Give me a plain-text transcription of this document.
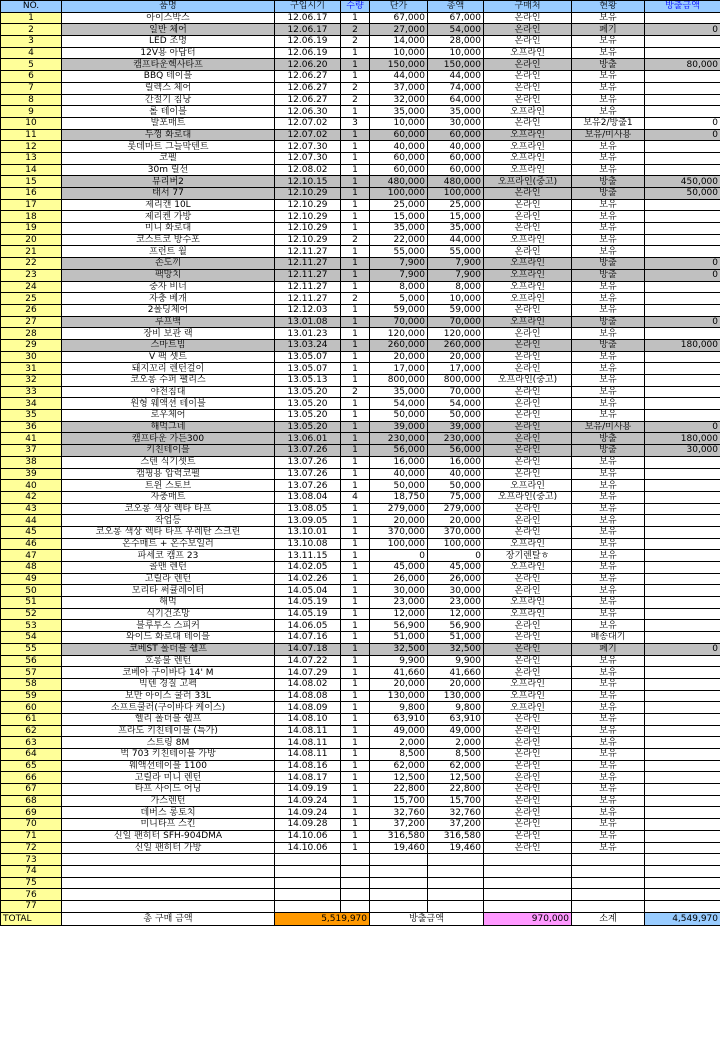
NO.	품명	구입시기	수량	단가	총액	구매처	현황	방출금액
1	아이스박스	12.06.17	1	67,000	67,000	온라인	보유	
2	일반 체어	12.06.17	2	27,000	54,000	온라인	폐기	0
3	LED 조명	12.06.19	2	14,000	28,000	온라인	보유	
4	12V용 아답터	12.06.19	1	10,000	10,000	오프라인	보유	
5	캠프타운헥사타프	12.06.20	1	150,000	150,000	온라인	방출	80,000
6	BBQ 테이블	12.06.27	1	44,000	44,000	온라인	보유	
7	릴렉스 체어	12.06.27	2	37,000	74,000	온라인	보유	
8	간절기 침낭	12.06.27	2	32,000	64,000	온라인	보유	
9	롤 테이블	12.06.30	1	35,000	35,000	오프라인	보유	
10	발포매트	12.07.02	3	10,000	30,000	온라인	보유2/방출1	0
11	두껑 화로대	12.07.02	1	60,000	60,000	오프라인	보유/미사용	0
12	롯데마트 그늘막텐트	12.07.30	1	40,000	40,000	오프라인	보유	
13	코펠	12.07.30	1	60,000	60,000	오프라인	보유	
14	30m 릴선	12.08.02	1	60,000	60,000	오프라인	보유	
15	뮤리버2	12.10.15	1	480,000	480,000	오프라인(중고)	방출	450,000
16	태서 77	12.10.29	1	100,000	100,000	온라인	방출	50,000
17	제리캔 10L	12.10.29	1	25,000	25,000	온라인	보유	
18	제리켄 가방	12.10.29	1	15,000	15,000	온라인	보유	
19	미니 화로대	12.10.29	1	35,000	35,000	온라인	보유	
20	코스트코 방수포	12.10.29	2	22,000	44,000	오프라인	보유	
21	프런트 월	12.11.27	1	55,000	55,000	온라인	보유	
22	손도끼	12.11.27	1	7,900	7,900	오프라인	방출	0
23	팩망치	12.11.27	1	7,900	7,900	오프라인	방출	0
24	중자 비너	12.11.27	1	8,000	8,000	오프라인	보유	
25	자충 베개	12.11.27	2	5,000	10,000	오프라인	보유	
26	2폴딩체어	12.12.03	1	59,000	59,000	온라인	보유	
27	루프백	13.01.08	1	70,000	70,000	오프라인	방출	0
28	장비 보관 랙	13.01.23	1	120,000	120,000	온라인	보유	
29	스마트빔	13.03.24	1	260,000	260,000	온라인	방출	180,000
30	V 팩 셋트	13.05.07	1	20,000	20,000	온라인	보유	
31	돼지꼬리 렌턴걸이	13.05.07	1	17,000	17,000	온라인	보유	
32	코오롱 수퍼 팰리스	13.05.13	1	800,000	800,000	오프라인(중고)	보유	
33	야전침대	13.05.20	2	35,000	70,000	온라인	보유	
34	원형 웨액션 테이블	13.05.20	1	54,000	54,000	온라인	보유	
35	로우체어	13.05.20	1	50,000	50,000	온라인	보유	
36	해먹그네	13.05.20	1	39,000	39,000	온라인	보유/미사용	0
41	캠프타운 가든300	13.06.01	1	230,000	230,000	온라인	방출	180,000
37	키친테이블	13.07.26	1	56,000	56,000	온라인	방출	30,000
38	스텐 식기셋트	13.07.26	1	16,000	16,000	온라인	보유	
39	캠핑용 압력코펠	13.07.26	1	40,000	40,000	온라인	보유	
40	트윈 스토브	13.07.26	1	50,000	50,000	오프라인	보유	
42	자충매트	13.08.04	4	18,750	75,000	오프라인(중고)	보유	
43	코오롱 색상 렉타 타프	13.08.05	1	279,000	279,000	온라인	보유	
44	작업등	13.09.05	1	20,000	20,000	온라인	보유	
45	코오롱 색상 렉타 타프 우레탄 스크린	13.10.01	1	370,000	370,000	온라인	보유	
46	온수매트 + 온수보일러	13.10.08	1	100,000	100,000	오프라인	보유	
47	파세코 캠프 23	13.11.15	1	0	0	장기렌탈ㅎ	보유	
48	콜맨 렌턴	14.02.05	1	45,000	45,000	오프라인	보유	
49	고릴라 렌턴	14.02.26	1	26,000	26,000	온라인	보유	
50	모리타 써큘레이터	14.05.04	1	30,000	30,000	온라인	보유	
51	해먹	14.05.19	1	23,000	23,000	오프라인	보유	
52	식기건조망	14.05.19	1	12,000	12,000	오프라인	보유	
53	블루투스 스피커	14.06.05	1	56,900	56,900	온라인	보유	
54	와이드 화로대 테이블	14.07.16	1	51,000	51,000	온라인	배송대기	
55	코베ST 폴더블 쉘프	14.07.18	1	32,500	32,500	온라인	폐기	0
56	호롱불 렌턴	14.07.22	1	9,900	9,900	온라인	보유	
57	코베아 구이바다 14' M	14.07.29	1	41,660	41,660	온라인	보유	
58	빅텐 경질 고펙	14.08.02	1	20,000	20,000	오프라인	보유	
59	보만 아이스 쿨러 33L	14.08.08	1	130,000	130,000	오프라인	보유	
60	소프트쿨러(구이바다 케이스)	14.08.09	1	9,800	9,800	오프라인	보유	
61	헬리 폴더블 쉘프	14.08.10	1	63,910	63,910	온라인	보유	
62	프라도 키친테이블 (특가)	14.08.11	1	49,000	49,000	온라인	보유	
63	스트링 8M	14.08.11	1	2,000	2,000	온라인	보유	
64	벅 703 키친테이블 가방	14.08.11	1	8,500	8,500	온라인	보유	
65	웨액션테이블 1100	14.08.16	1	62,000	62,000	온라인	보유	
66	고릴라 미니 렌턴	14.08.17	1	12,500	12,500	온라인	보유	
67	타프 사이드 어닝	14.09.19	1	22,800	22,800	온라인	보유	
68	가스렌턴	14.09.24	1	15,700	15,700	온라인	보유	
69	데버스 롱토치	14.09.24	1	32,760	32,760	온라인	보유	
70	미니타프 스킨	14.09.28	1	37,200	37,200	온라인	보유	
71	신일 팬히터 SFH-904DMA	14.10.06	1	316,580	316,580	온라인	보유	
72	신일 팬히터 가방	14.10.06	1	19,460	19,460	온라인	보유	
73								
74								
75								
76								
77								
TOTAL	총 구매 금액	5,519,970		방출금액		970,000	소계	4,549,970
